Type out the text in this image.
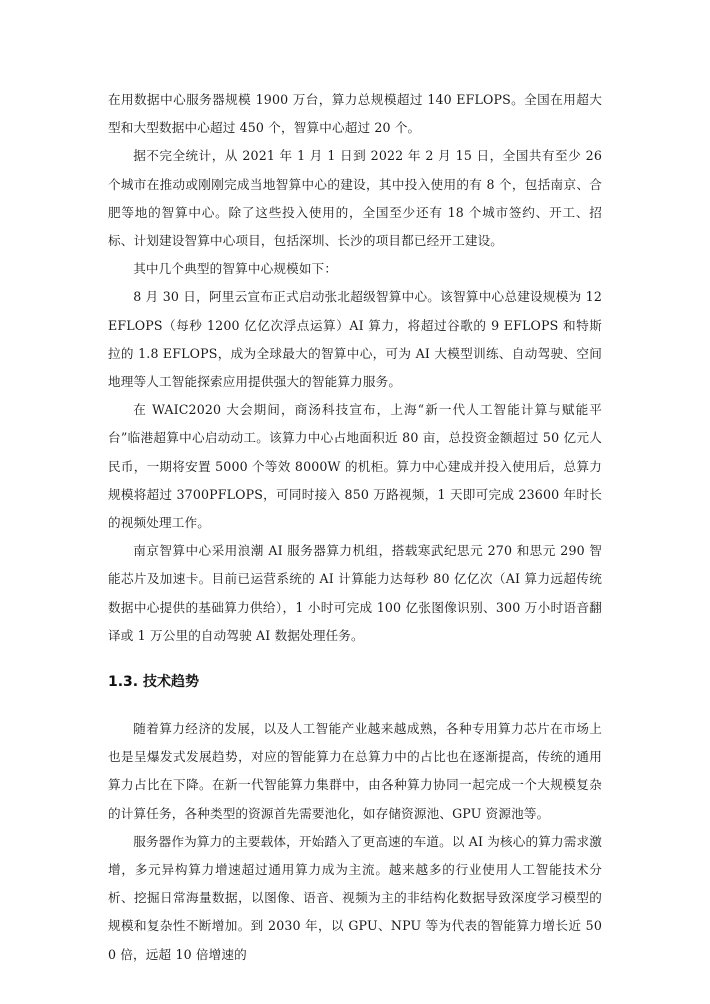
在用数据中心服务器规模 1900 万台，算力总规模超过 140 EFLOPS。全国在用超大型和大型数据中心超过 450 个，智算中心超过 20 个。

据不完全统计，从 2021 年 1 月 1 日到 2022 年 2 月 15 日，全国共有至少 26 个城市在推动或刚刚完成当地智算中心的建设，其中投入使用的有 8 个，包括南京、合肥等地的智算中心。除了这些投入使用的，全国至少还有 18 个城市签约、开工、招标、计划建设智算中心项目，包括深圳、长沙的项目都已经开工建设。

其中几个典型的智算中心规模如下：

8 月 30 日，阿里云宣布正式启动张北超级智算中心。该智算中心总建设规模为 12 EFLOPS（每秒 1200 亿亿次浮点运算）AI 算力，将超过谷歌的 9 EFLOPS 和特斯拉的 1.8 EFLOPS，成为全球最大的智算中心，可为 AI 大模型训练、自动驾驶、空间地理等人工智能探索应用提供强大的智能算力服务。

在 WAIC2020 大会期间，商汤科技宣布，上海“新一代人工智能计算与赋能平台”临港超算中心启动动工。该算力中心占地面积近 80 亩，总投资金额超过 50 亿元人民币，一期将安置 5000 个等效 8000W 的机柜。算力中心建成并投入使用后，总算力规模将超过 3700PFLOPS，可同时接入 850 万路视频，1 天即可完成 23600 年时长的视频处理工作。

南京智算中心采用浪潮 AI 服务器算力机组，搭载寒武纪思元 270 和思元 290 智能芯片及加速卡。目前已运营系统的 AI 计算能力达每秒 80 亿亿次（AI 算力远超传统数据中心提供的基础算力供给），1 小时可完成 100 亿张图像识别、300 万小时语音翻译或 1 万公里的自动驾驶 AI 数据处理任务。

1.3. 技术趋势

随着算力经济的发展，以及人工智能产业越来越成熟，各种专用算力芯片在市场上也是呈爆发式发展趋势，对应的智能算力在总算力中的占比也在逐渐提高，传统的通用算力占比在下降。在新一代智能算力集群中，由各种算力协同一起完成一个大规模复杂的计算任务，各种类型的资源首先需要池化，如存储资源池、GPU 资源池等。

服务器作为算力的主要载体，开始踏入了更高速的车道。以 AI 为核心的算力需求激增，多元异构算力增速超过通用算力成为主流。越来越多的行业使用人工智能技术分析、挖掘日常海量数据，以图像、语音、视频为主的非结构化数据导致深度学习模型的规模和复杂性不断增加。到 2030 年，以 GPU、NPU 等为代表的智能算力增长近 500 倍，远超 10 倍增速的
